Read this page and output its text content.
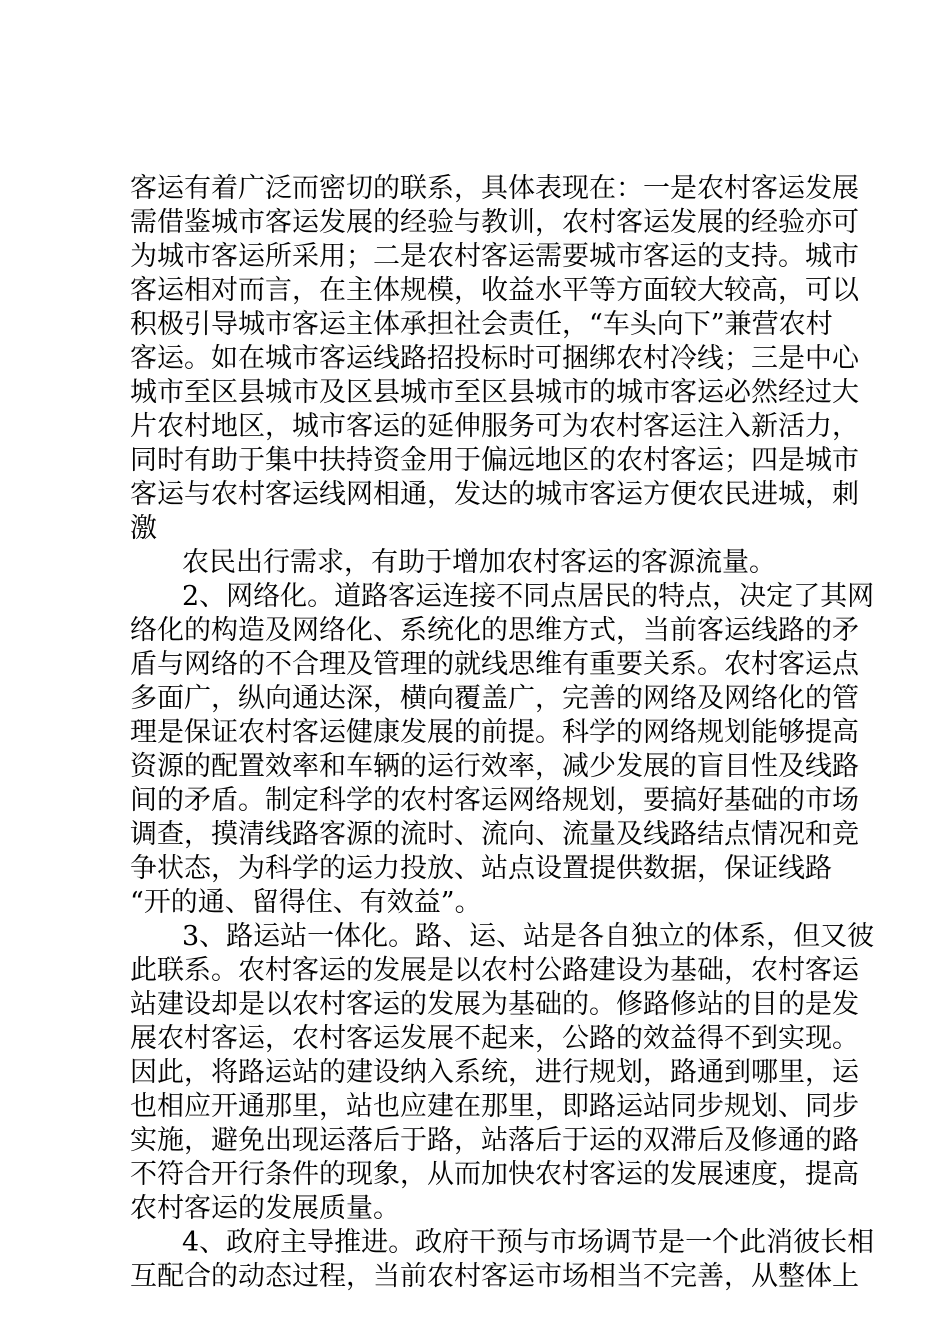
客运有着广泛而密切的联系，具体表现在：一是农村客运发展
需借鉴城市客运发展的经验与教训，农村客运发展的经验亦可
为城市客运所采用；二是农村客运需要城市客运的支持。城市
客运相对而言，在主体规模，收益水平等方面较大较高，可以
积极引导城市客运主体承担社会责任，“车头向下”兼营农村
客运。如在城市客运线路招投标时可捆绑农村冷线；三是中心
城市至区县城市及区县城市至区县城市的城市客运必然经过大
片农村地区，城市客运的延伸服务可为农村客运注入新活力，
同时有助于集中扶持资金用于偏远地区的农村客运；四是城市
客运与农村客运线网相通，发达的城市客运方便农民进城，刺
激
农民出行需求，有助于增加农村客运的客源流量。
2、网络化。道路客运连接不同点居民的特点，决定了其网
络化的构造及网络化、系统化的思维方式，当前客运线路的矛
盾与网络的不合理及管理的就线思维有重要关系。农村客运点
多面广，纵向通达深，横向覆盖广，完善的网络及网络化的管
理是保证农村客运健康发展的前提。科学的网络规划能够提高
资源的配置效率和车辆的运行效率，减少发展的盲目性及线路
间的矛盾。制定科学的农村客运网络规划，要搞好基础的市场
调查，摸清线路客源的流时、流向、流量及线路结点情况和竞
争状态，为科学的运力投放、站点设置提供数据，保证线路
“开的通、留得住、有效益”。
3、路运站一体化。路、运、站是各自独立的体系，但又彼
此联系。农村客运的发展是以农村公路建设为基础，农村客运
站建设却是以农村客运的发展为基础的。修路修站的目的是发
展农村客运，农村客运发展不起来，公路的效益得不到实现。
因此，将路运站的建设纳入系统，进行规划，路通到哪里，运
也相应开通那里，站也应建在那里，即路运站同步规划、同步
实施，避免出现运落后于路，站落后于运的双滞后及修通的路
不符合开行条件的现象，从而加快农村客运的发展速度，提高
农村客运的发展质量。
4、政府主导推进。政府干预与市场调节是一个此消彼长相
互配合的动态过程，当前农村客运市场相当不完善，从整体上
